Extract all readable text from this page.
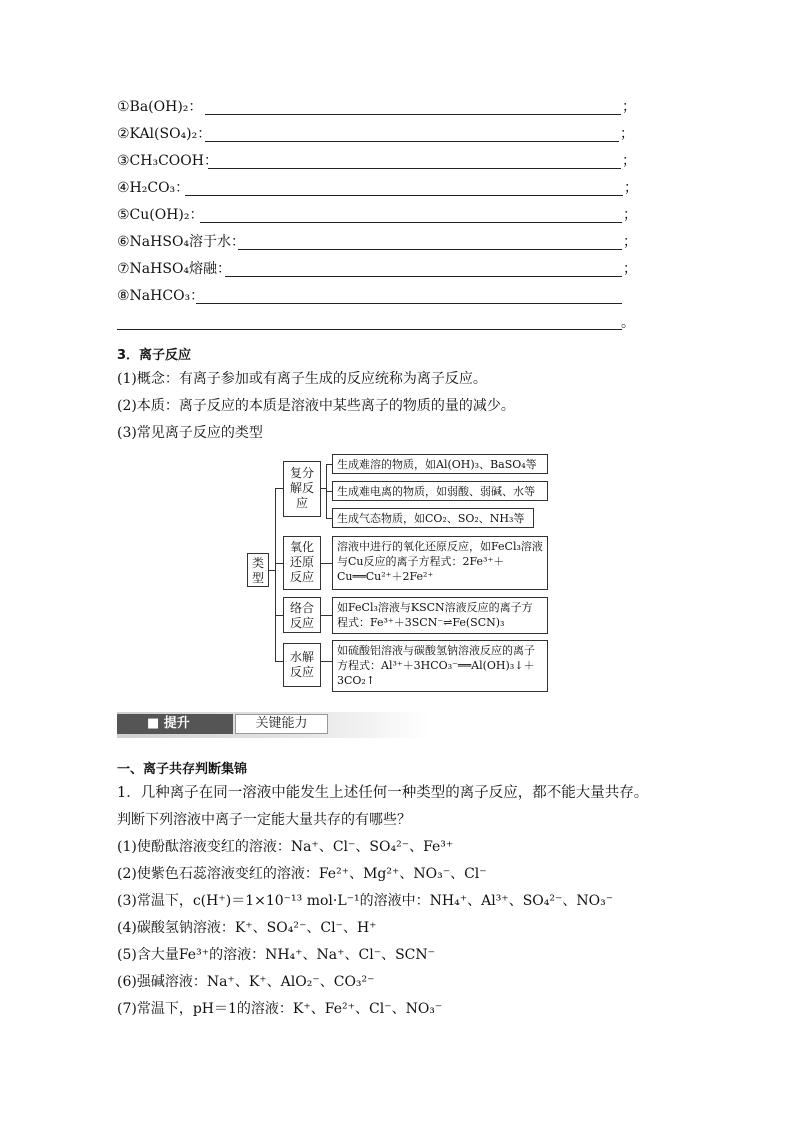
①Ba(OH)₂：	；
②KAl(SO₄)₂：	；
③CH₃COOH：	；
④H₂CO₃：	；
⑤Cu(OH)₂：	；
⑥NaHSO₄溶于水：	；
⑦NaHSO₄熔融：	；
⑧NaHCO₃：
。
3．离子反应
(1)概念：有离子参加或有离子生成的反应统称为离子反应。
(2)本质：离子反应的本质是溶液中某些离子的物质的量的减少。
(3)常见离子反应的类型
类型
复分解反应
生成难溶的物质，如Al(OH)₃、BaSO₄等
生成难电离的物质，如弱酸、弱碱、水等
生成气态物质，如CO₂、SO₂、NH₃等
氧化还原反应
溶液中进行的氧化还原反应，如FeCl₃溶液与Cu反应的离子方程式：2Fe³⁺＋Cu══Cu²⁺＋2Fe²⁺
络合反应
如FeCl₃溶液与KSCN溶液反应的离子方程式：Fe³⁺＋3SCN⁻⇌Fe(SCN)₃
水解反应
如硫酸铝溶液与碳酸氢钠溶液反应的离子方程式：Al³⁺＋3HCO₃⁻══Al(OH)₃↓＋3CO₂↑
■ 提升	关键能力
一、离子共存判断集锦
1．几种离子在同一溶液中能发生上述任何一种类型的离子反应，都不能大量共存。
判断下列溶液中离子一定能大量共存的有哪些？
(1)使酚酞溶液变红的溶液：Na⁺、Cl⁻、SO₄²⁻、Fe³⁺
(2)使紫色石蕊溶液变红的溶液：Fe²⁺、Mg²⁺、NO₃⁻、Cl⁻
(3)常温下，c(H⁺)＝1×10⁻¹³ mol·L⁻¹的溶液中：NH₄⁺、Al³⁺、SO₄²⁻、NO₃⁻
(4)碳酸氢钠溶液：K⁺、SO₄²⁻、Cl⁻、H⁺
(5)含大量Fe³⁺的溶液：NH₄⁺、Na⁺、Cl⁻、SCN⁻
(6)强碱溶液：Na⁺、K⁺、AlO₂⁻、CO₃²⁻
(7)常温下，pH＝1的溶液：K⁺、Fe²⁺、Cl⁻、NO₃⁻
